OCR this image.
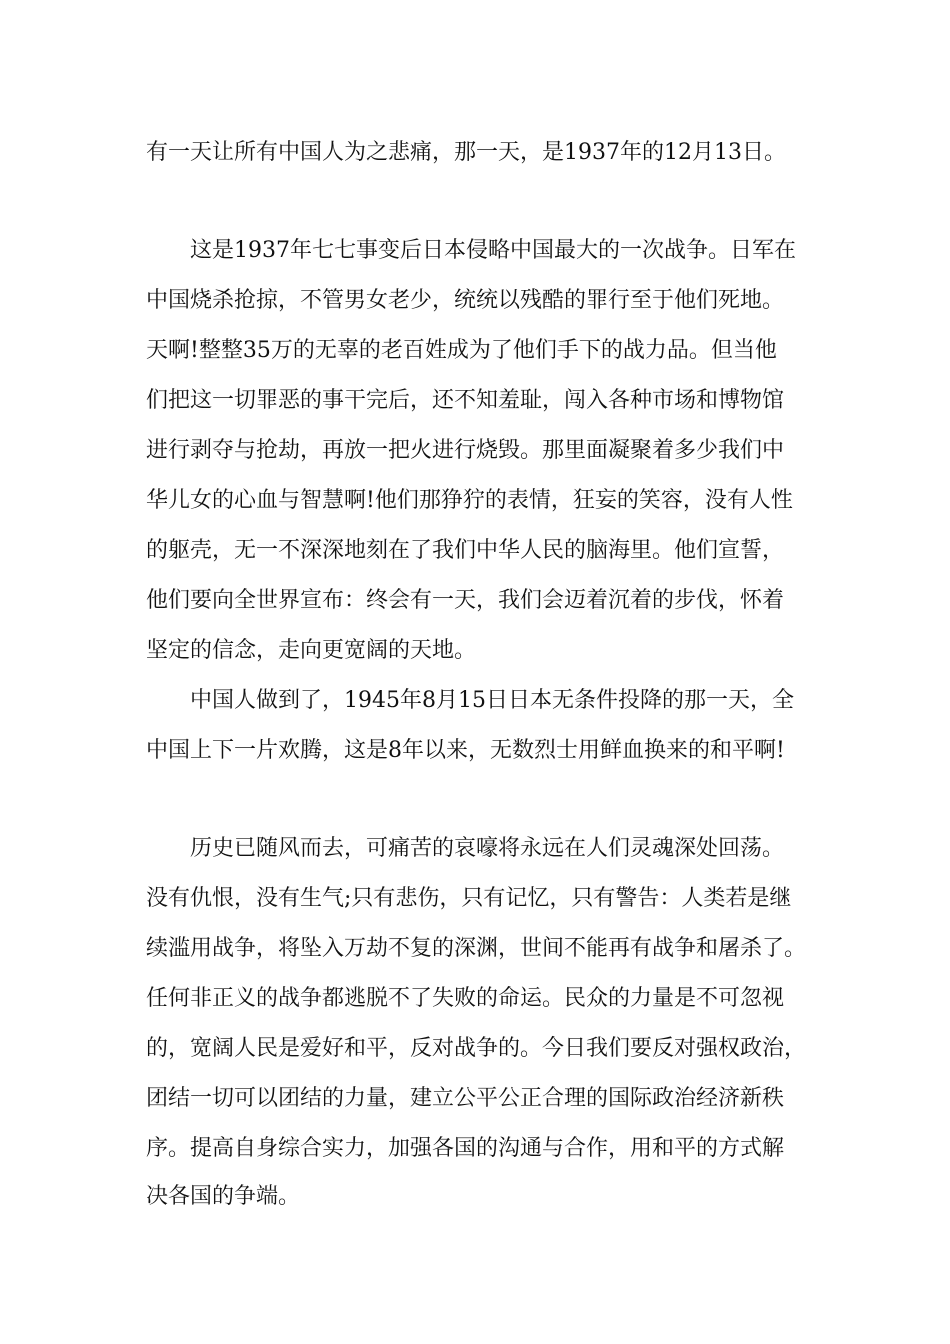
有一天让所有中国人为之悲痛，那一天，是1937年的12月13日。
这是1937年七七事变后日本侵略中国最大的一次战争。日军在
中国烧杀抢掠，不管男女老少，统统以残酷的罪行至于他们死地。
天啊!整整35万的无辜的老百姓成为了他们手下的战力品。但当他
们把这一切罪恶的事干完后，还不知羞耻，闯入各种市场和博物馆
进行剥夺与抢劫，再放一把火进行烧毁。那里面凝聚着多少我们中
华儿女的心血与智慧啊!他们那狰狞的表情，狂妄的笑容，没有人性
的躯壳，无一不深深地刻在了我们中华人民的脑海里。他们宣誓，
他们要向全世界宣布：终会有一天，我们会迈着沉着的步伐，怀着
坚定的信念，走向更宽阔的天地。
中国人做到了，1945年8月15日日本无条件投降的那一天，全
中国上下一片欢腾，这是8年以来，无数烈士用鲜血换来的和平啊!
历史已随风而去，可痛苦的哀嚎将永远在人们灵魂深处回荡。
没有仇恨，没有生气;只有悲伤，只有记忆，只有警告：人类若是继
续滥用战争，将坠入万劫不复的深渊，世间不能再有战争和屠杀了。
任何非正义的战争都逃脱不了失败的命运。民众的力量是不可忽视
的，宽阔人民是爱好和平，反对战争的。今日我们要反对强权政治，
团结一切可以团结的力量，建立公平公正合理的国际政治经济新秩
序。提高自身综合实力，加强各国的沟通与合作，用和平的方式解
决各国的争端。
